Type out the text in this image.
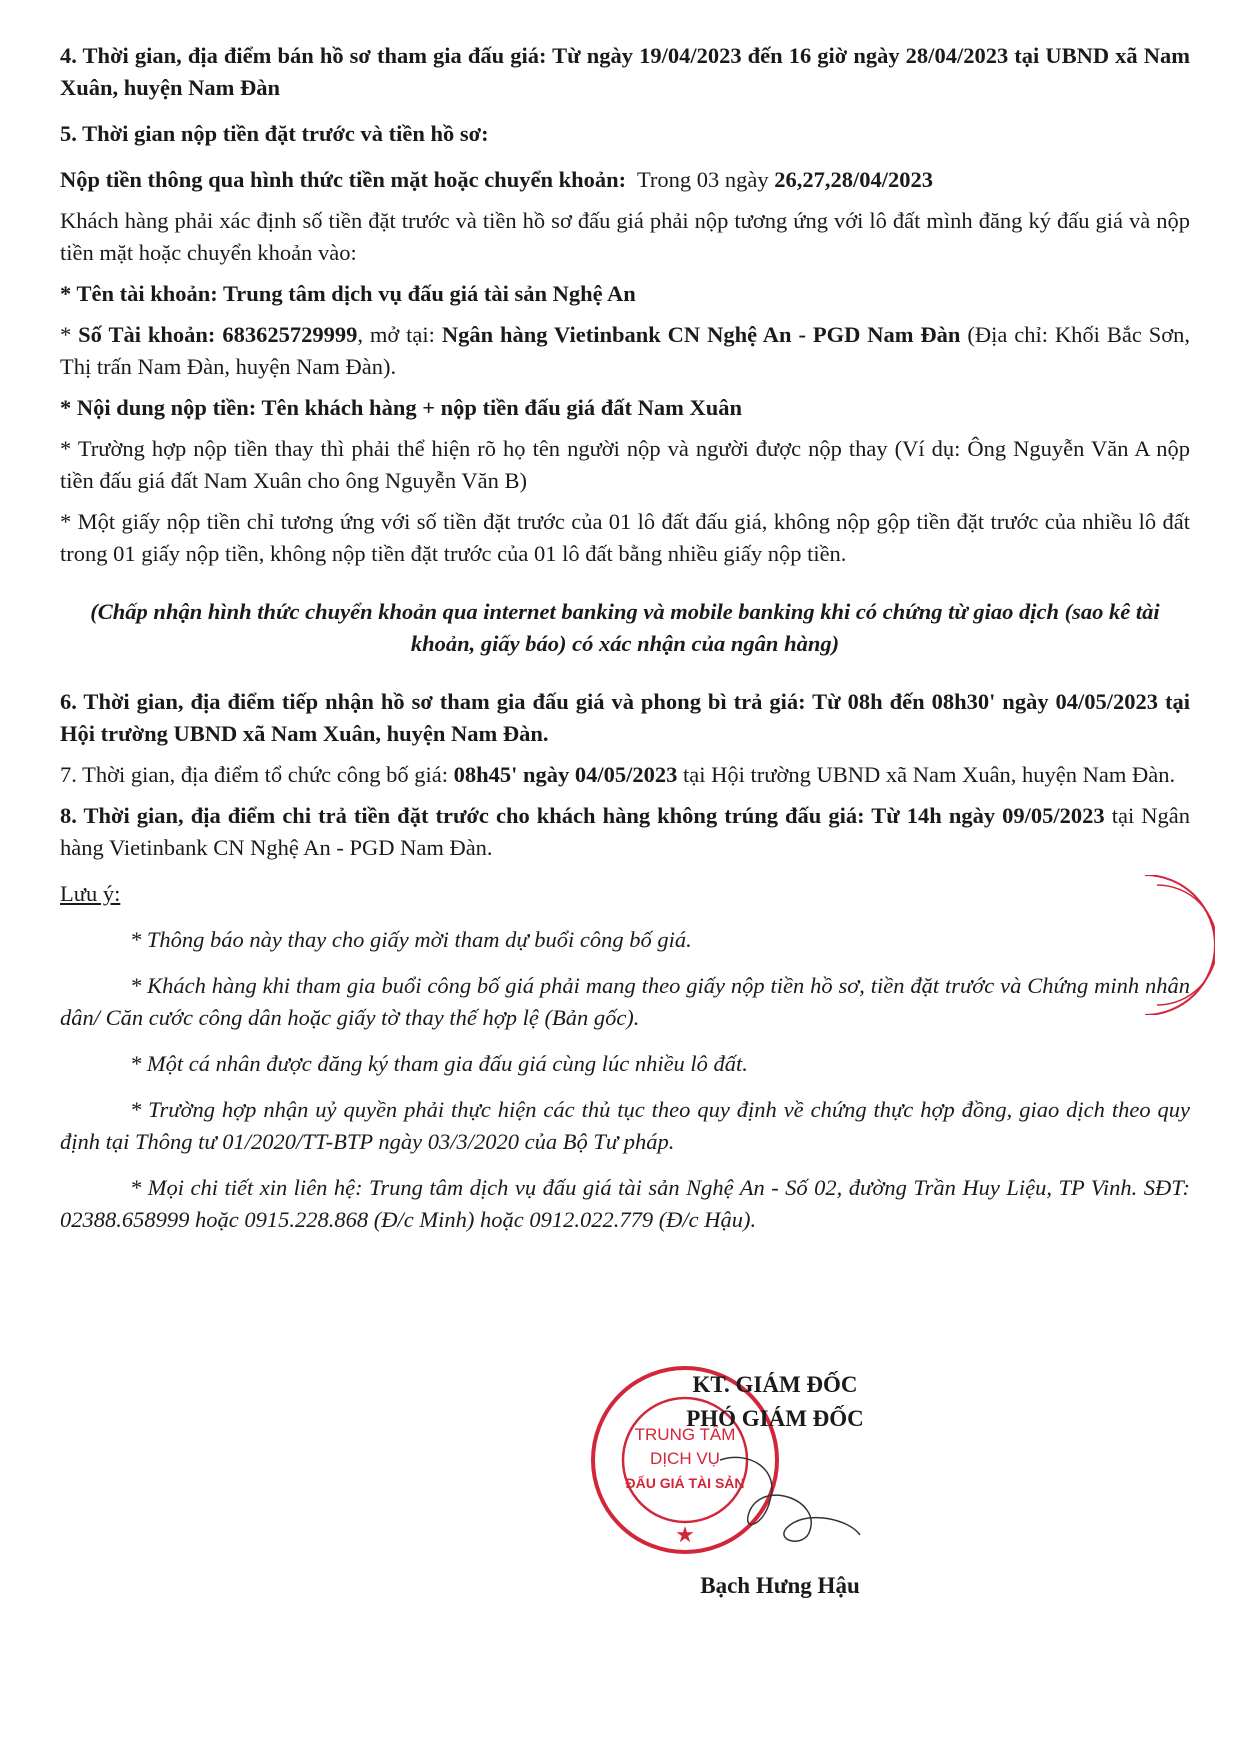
4. Thời gian, địa điểm bán hồ sơ tham gia đấu giá: Từ ngày 19/04/2023 đến 16 giờ ngày 28/04/2023 tại UBND xã Nam Xuân, huyện Nam Đàn

5. Thời gian nộp tiền đặt trước và tiền hồ sơ:

Nộp tiền thông qua hình thức tiền mặt hoặc chuyển khoản: Trong 03 ngày 26,27,28/04/2023

Khách hàng phải xác định số tiền đặt trước và tiền hồ sơ đấu giá phải nộp tương ứng với lô đất mình đăng ký đấu giá và nộp tiền mặt hoặc chuyển khoản vào:

* Tên tài khoản: Trung tâm dịch vụ đấu giá tài sản Nghệ An

* Số Tài khoản: 683625729999, mở tại: Ngân hàng Vietinbank CN Nghệ An - PGD Nam Đàn (Địa chỉ: Khối Bắc Sơn, Thị trấn Nam Đàn, huyện Nam Đàn).

* Nội dung nộp tiền: Tên khách hàng + nộp tiền đấu giá đất Nam Xuân

* Trường hợp nộp tiền thay thì phải thể hiện rõ họ tên người nộp và người được nộp thay (Ví dụ: Ông Nguyễn Văn A nộp tiền đấu giá đất Nam Xuân cho ông Nguyễn Văn B)

* Một giấy nộp tiền chỉ tương ứng với số tiền đặt trước của 01 lô đất đấu giá, không nộp gộp tiền đặt trước của nhiều lô đất trong 01 giấy nộp tiền, không nộp tiền đặt trước của 01 lô đất bằng nhiều giấy nộp tiền.

(Chấp nhận hình thức chuyển khoản qua internet banking và mobile banking khi có chứng từ giao dịch (sao kê tài khoản, giấy báo) có xác nhận của ngân hàng)

6. Thời gian, địa điểm tiếp nhận hồ sơ tham gia đấu giá và phong bì trả giá: Từ 08h đến 08h30' ngày 04/05/2023 tại Hội trường UBND xã Nam Xuân, huyện Nam Đàn.

7. Thời gian, địa điểm tổ chức công bố giá: 08h45' ngày 04/05/2023 tại Hội trường UBND xã Nam Xuân, huyện Nam Đàn.

8. Thời gian, địa điểm chi trả tiền đặt trước cho khách hàng không trúng đấu giá: Từ 14h ngày 09/05/2023 tại Ngân hàng Vietinbank CN Nghệ An - PGD Nam Đàn.

Lưu ý:

* Thông báo này thay cho giấy mời tham dự buổi công bố giá.

* Khách hàng khi tham gia buổi công bố giá phải mang theo giấy nộp tiền hồ sơ, tiền đặt trước và Chứng minh nhân dân/ Căn cước công dân hoặc giấy tờ thay thế hợp lệ (Bản gốc).

* Một cá nhân được đăng ký tham gia đấu giá cùng lúc nhiều lô đất.

* Trường hợp nhận uỷ quyền phải thực hiện các thủ tục theo quy định về chứng thực hợp đồng, giao dịch theo quy định tại Thông tư 01/2020/TT-BTP ngày 03/3/2020 của Bộ Tư pháp.

* Mọi chi tiết xin liên hệ: Trung tâm dịch vụ đấu giá tài sản Nghệ An - Số 02, đường Trần Huy Liệu, TP Vinh. SĐT: 02388.658999 hoặc 0915.228.868 (Đ/c Minh) hoặc 0912.022.779 (Đ/c Hậu).

TRUNG TÂM
DỊCH VỤ
ĐẤU GIÁ TÀI SẢN
★

KT. GIÁM ĐỐC

PHÓ GIÁM ĐỐC

Bạch Hưng Hậu
